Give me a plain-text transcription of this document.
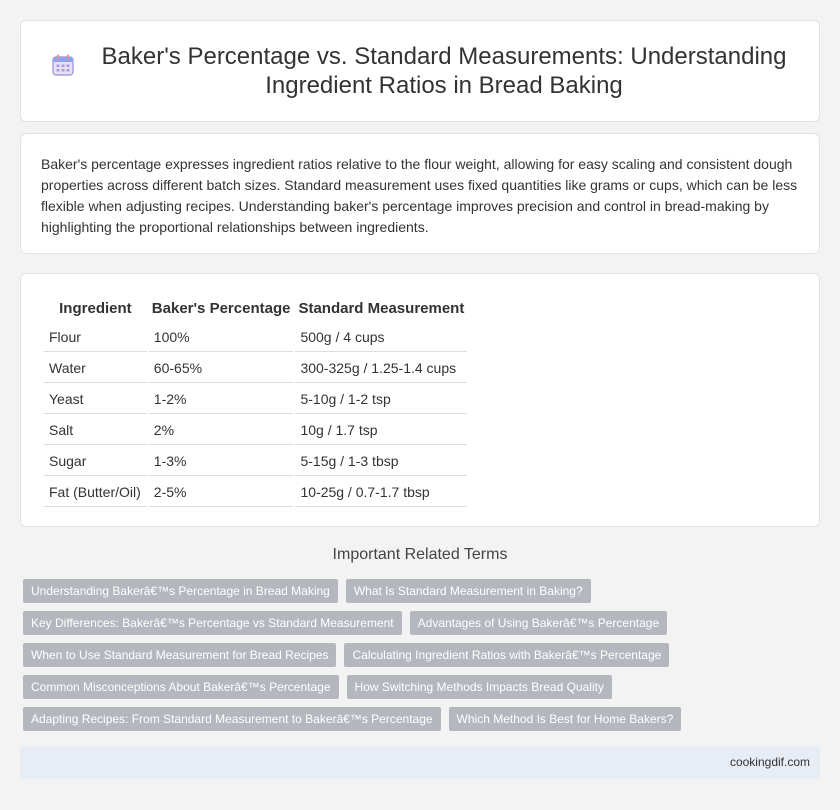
Baker's Percentage vs. Standard Measurements: Understanding Ingredient Ratios in Bread Baking

Baker's percentage expresses ingredient ratios relative to the flour weight, allowing for easy scaling and consistent dough properties across different batch sizes. Standard measurement uses fixed quantities like grams or cups, which can be less flexible when adjusting recipes. Understanding baker's percentage improves precision and control in bread-making by highlighting the proportional relationships between ingredients.

Ingredient	Baker's Percentage	Standard Measurement
Flour	100%	500g / 4 cups
Water	60-65%	300-325g / 1.25-1.4 cups
Yeast	1-2%	5-10g / 1-2 tsp
Salt	2%	10g / 1.7 tsp
Sugar	1-3%	5-15g / 1-3 tbsp
Fat (Butter/Oil)	2-5%	10-25g / 0.7-1.7 tbsp
Important Related Terms
Understanding Bakerâ€™s Percentage in Bread Making	What Is Standard Measurement in Baking?
Key Differences: Bakerâ€™s Percentage vs Standard Measurement	Advantages of Using Bakerâ€™s Percentage
When to Use Standard Measurement for Bread Recipes	Calculating Ingredient Ratios with Bakerâ€™s Percentage
Common Misconceptions About Bakerâ€™s Percentage	How Switching Methods Impacts Bread Quality
Adapting Recipes: From Standard Measurement to Bakerâ€™s Percentage	Which Method Is Best for Home Bakers?
cookingdif.com
